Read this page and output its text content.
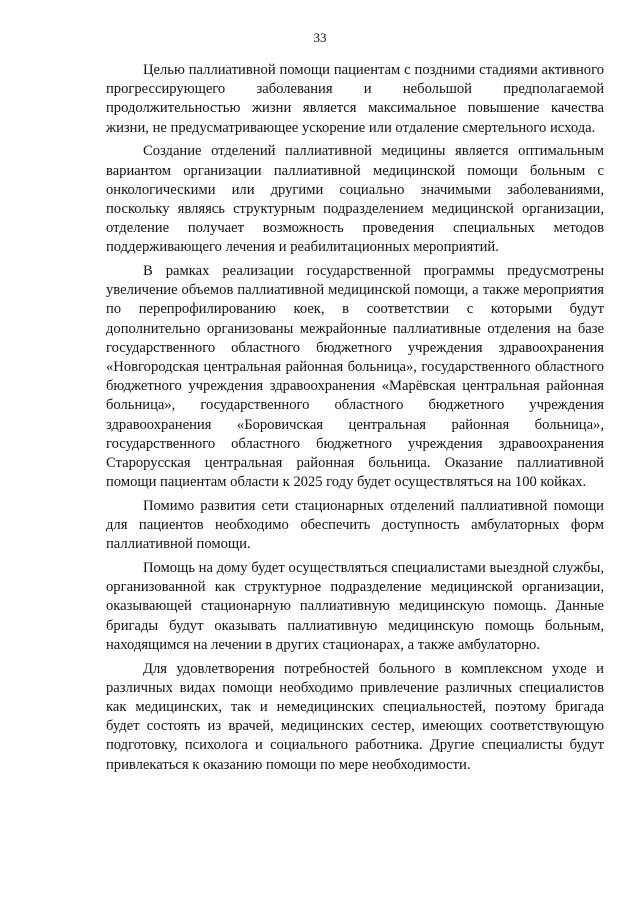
33

Целью паллиативной помощи пациентам с поздними стадиями активного прогрессирующего заболевания и небольшой предполагаемой продолжительностью жизни является максимальное повышение качества жизни, не предусматривающее ускорение или отдаление смертельного исхода.

Создание отделений паллиативной медицины является оптимальным вариантом организации паллиативной медицинской помощи больным с онкологическими или другими социально значимыми заболеваниями, поскольку являясь структурным подразделением медицинской организации, отделение получает возможность проведения специальных методов поддерживающего лечения и реабилитационных мероприятий.

В рамках реализации государственной программы предусмотрены увеличение объемов паллиативной медицинской помощи, а также мероприятия по перепрофилированию коек, в соответствии с которыми будут дополнительно организованы межрайонные паллиативные отделения на базе государственного областного бюджетного учреждения здравоохранения «Новгородская центральная районная больница», государственного областного бюджетного учреждения здравоохранения «Марёвская центральная районная больница», государственного областного бюджетного учреждения здравоохранения «Боровичская центральная районная больница», государственного областного бюджетного учреждения здравоохранения Старорусская центральная районная больница. Оказание паллиативной помощи пациентам области к 2025 году будет осуществляться на 100 койках.

Помимо развития сети стационарных отделений паллиативной помощи для пациентов необходимо обеспечить доступность амбулаторных форм паллиативной помощи.

Помощь на дому будет осуществляться специалистами выездной службы, организованной как структурное подразделение медицинской организации, оказывающей стационарную паллиативную медицинскую помощь. Данные бригады будут оказывать паллиативную медицинскую помощь больным, находящимся на лечении в других стационарах, а также амбулаторно.

Для удовлетворения потребностей больного в комплексном уходе и различных видах помощи необходимо привлечение различных специалистов как медицинских, так и немедицинских специальностей, поэтому бригада будет состоять из врачей, медицинских сестер, имеющих соответствующую подготовку, психолога и социального работника. Другие специалисты будут привлекаться к оказанию помощи по мере необходимости.
